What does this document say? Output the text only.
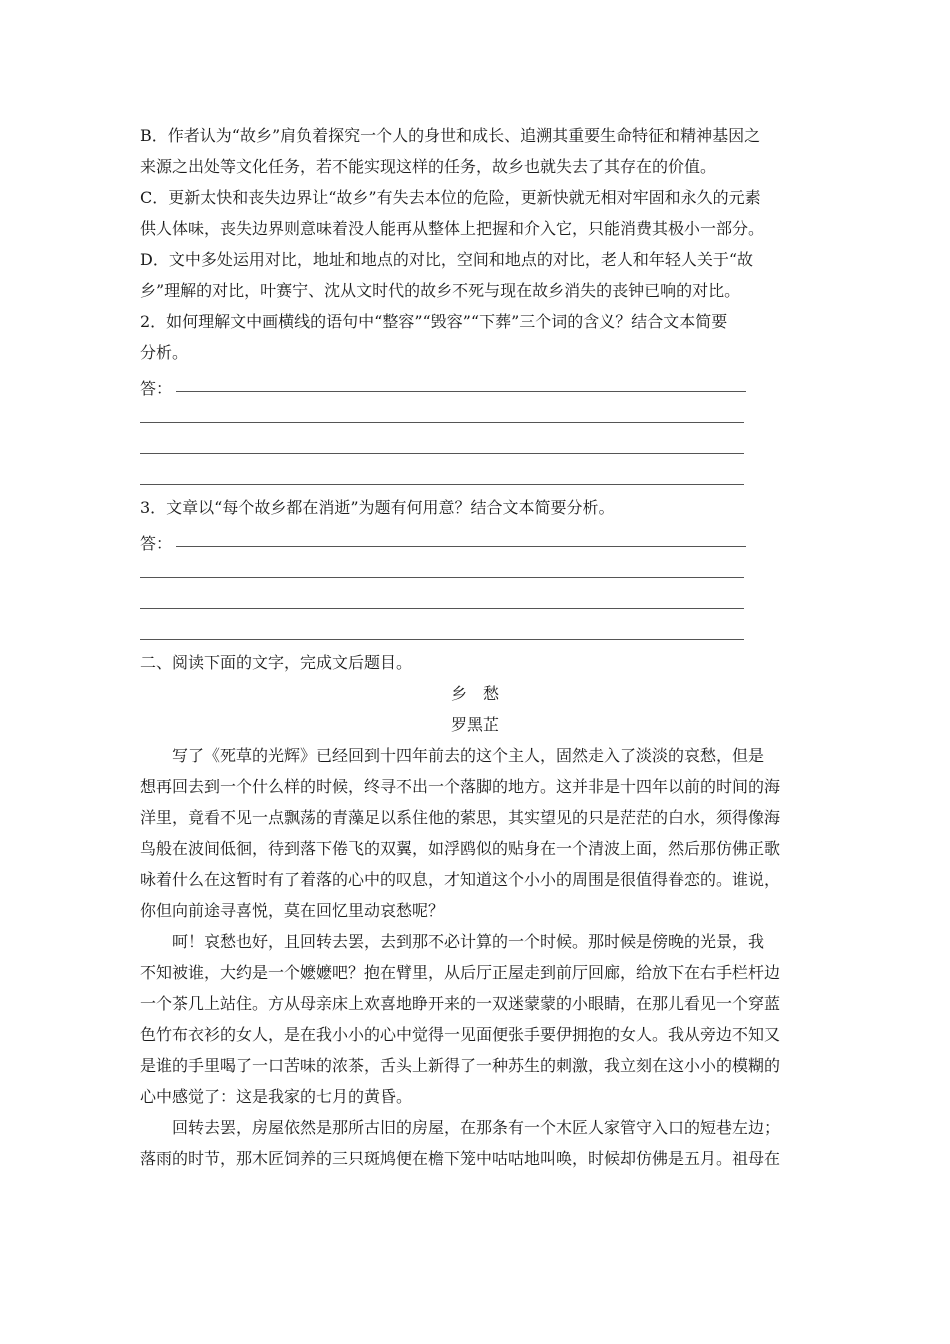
B．作者认为“故乡”肩负着探究一个人的身世和成长、追溯其重要生命特征和精神基因之

来源之出处等文化任务，若不能实现这样的任务，故乡也就失去了其存在的价值。

C．更新太快和丧失边界让“故乡”有失去本位的危险，更新快就无相对牢固和永久的元素

供人体味，丧失边界则意味着没人能再从整体上把握和介入它，只能消费其极小一部分。

D．文中多处运用对比，地址和地点的对比，空间和地点的对比，老人和年轻人关于“故

乡”理解的对比，叶赛宁、沈从文时代的故乡不死与现在故乡消失的丧钟已响的对比。

2．如何理解文中画横线的语句中“整容”“毁容”“下葬”三个词的含义？结合文本简要

分析。

答：

3．文章以“每个故乡都在消逝”为题有何用意？结合文本简要分析。

答：

二、阅读下面的文字，完成文后题目。

乡　愁

罗黑芷

写了《死草的光辉》已经回到十四年前去的这个主人，固然走入了淡淡的哀愁，但是

想再回去到一个什么样的时候，终寻不出一个落脚的地方。这并非是十四年以前的时间的海

洋里，竟看不见一点飘荡的青藻足以系住他的萦思，其实望见的只是茫茫的白水，须得像海

鸟般在波间低徊，待到落下倦飞的双翼，如浮鸥似的贴身在一个清波上面，然后那仿佛正歌

咏着什么在这暂时有了着落的心中的叹息，才知道这个小小的周围是很值得眷恋的。谁说，

你但向前途寻喜悦，莫在回忆里动哀愁呢？

呵！哀愁也好，且回转去罢，去到那不必计算的一个时候。那时候是傍晚的光景，我

不知被谁，大约是一个嬷嬷吧？抱在臂里，从后厅正屋走到前厅回廊，给放下在右手栏杆边

一个茶几上站住。方从母亲床上欢喜地睁开来的一双迷蒙蒙的小眼睛，在那儿看见一个穿蓝

色竹布衣衫的女人，是在我小小的心中觉得一见面便张手要伊拥抱的女人。我从旁边不知又

是谁的手里喝了一口苦味的浓茶，舌头上新得了一种苏生的刺激，我立刻在这小小的模糊的

心中感觉了：这是我家的七月的黄昏。

回转去罢，房屋依然是那所古旧的房屋，在那条有一个木匠人家管守入口的短巷左边；

落雨的时节，那木匠饲养的三只斑鸠便在檐下笼中咕咕地叫唤，时候却仿佛是五月。祖母在
